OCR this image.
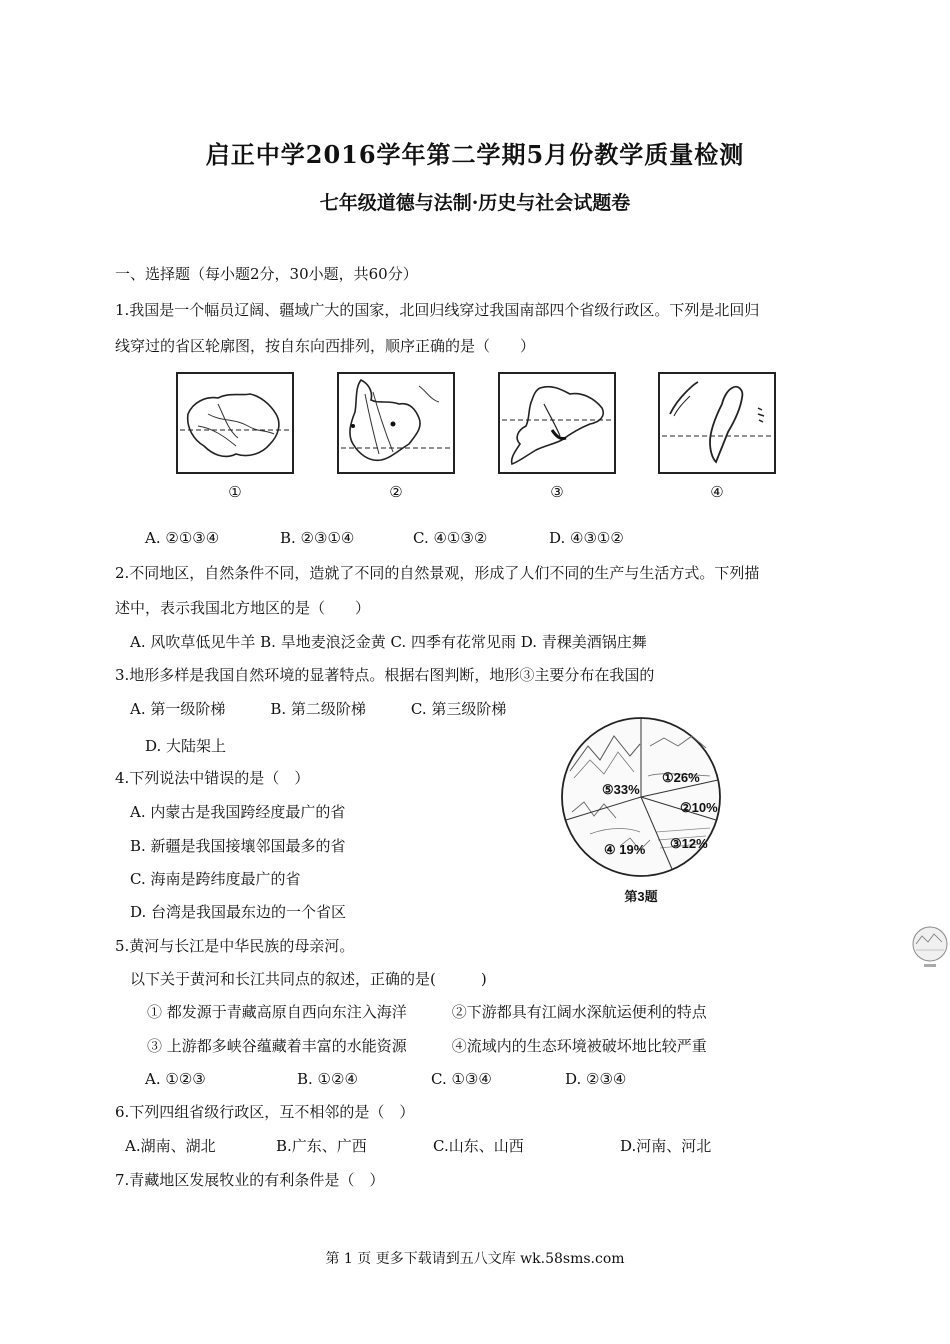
启正中学2016学年第二学期5月份教学质量检测
七年级道德与法制·历史与社会试题卷
一、选择题（每小题2分，30小题，共60分）
1.我国是一个幅员辽阔、疆域广大的国家，北回归线穿过我国南部四个省级行政区。下列是北回归
线穿过的省区轮廓图，按自东向西排列，顺序正确的是（　　）
①	②	③	④
A. ②①③④	B. ②③①④	C. ④①③②	D. ④③①②
2.不同地区，自然条件不同，造就了不同的自然景观，形成了人们不同的生产与生活方式。下列描
述中，表示我国北方地区的是（　　）
A. 风吹草低见牛羊 B. 旱地麦浪泛金黄 C. 四季有花常见雨 D. 青稞美酒锅庄舞
3.地形多样是我国自然环境的显著特点。根据右图判断，地形③主要分布在我国的
A. 第一级阶梯　　　B. 第二级阶梯　　　C. 第三级阶梯
D. 大陆架上
①26%
②10%
③12%
④ 19%
⑤33%
第3题
4.下列说法中错误的是（　）
A. 内蒙古是我国跨经度最广的省
B. 新疆是我国接壤邻国最多的省
C. 海南是跨纬度最广的省
D. 台湾是我国最东边的一个省区
5.黄河与长江是中华民族的母亲河。
以下关于黄河和长江共同点的叙述，正确的是(　　　)
① 都发源于青藏高原自西向东注入海洋　　　②下游都具有江阔水深航运便利的特点
③ 上游都多峡谷蕴藏着丰富的水能资源　　　④流域内的生态环境被破坏地比较严重
A. ①②③	B. ①②④	C. ①③④	D. ②③④
6.下列四组省级行政区，互不相邻的是（　）
A.湖南、湖北	B.广东、广西	C.山东、山西	D.河南、河北
7.青藏地区发展牧业的有利条件是（　）
第 1 页 更多下载请到五八文库 wk.58sms.com
